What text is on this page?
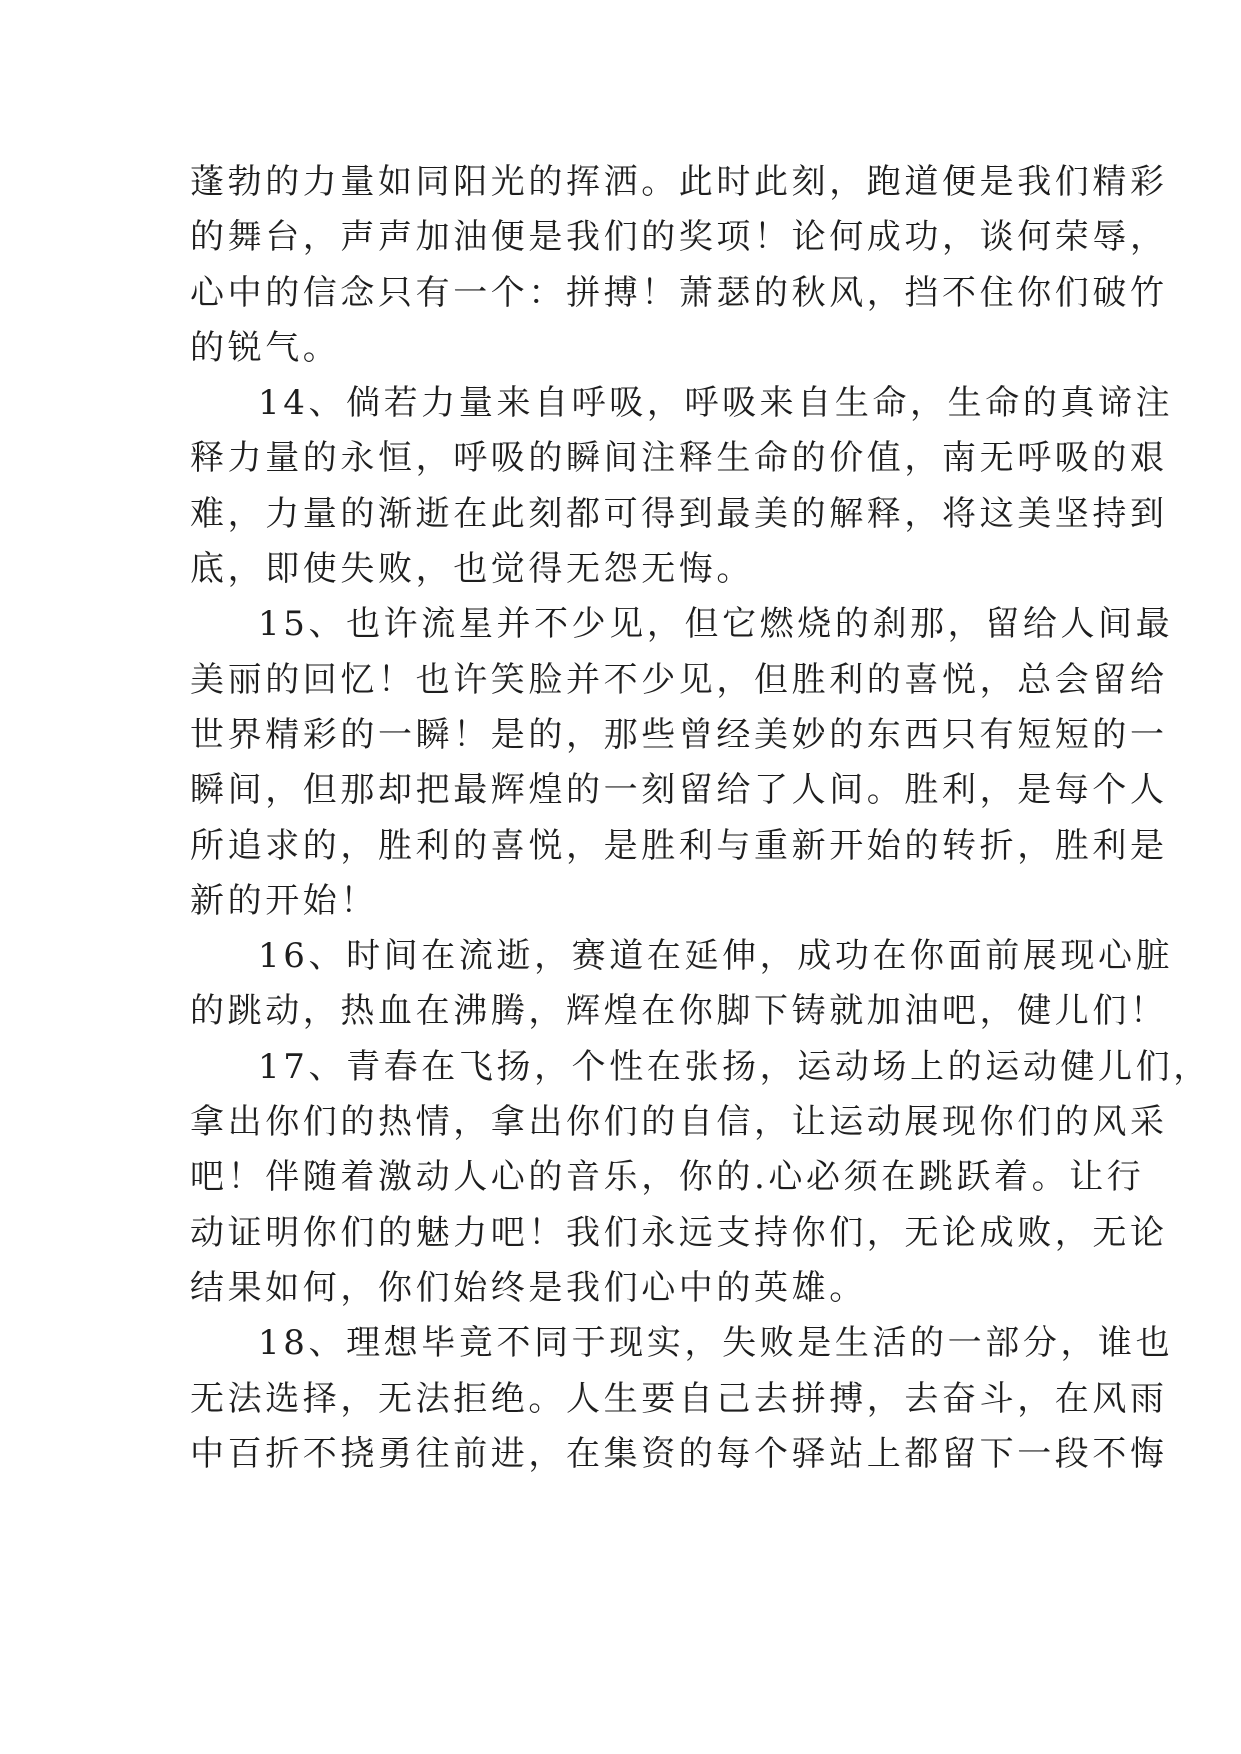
蓬勃的力量如同阳光的挥洒。此时此刻，跑道便是我们精彩
的舞台，声声加油便是我们的奖项！论何成功，谈何荣辱，
心中的信念只有一个：拼搏！萧瑟的秋风，挡不住你们破竹
的锐气。
14、倘若力量来自呼吸，呼吸来自生命，生命的真谛注
释力量的永恒，呼吸的瞬间注释生命的价值，南无呼吸的艰
难，力量的渐逝在此刻都可得到最美的解释，将这美坚持到
底，即使失败，也觉得无怨无悔。
15、也许流星并不少见，但它燃烧的刹那，留给人间最
美丽的回忆！也许笑脸并不少见，但胜利的喜悦，总会留给
世界精彩的一瞬！是的，那些曾经美妙的东西只有短短的一
瞬间，但那却把最辉煌的一刻留给了人间。胜利，是每个人
所追求的，胜利的喜悦，是胜利与重新开始的转折，胜利是
新的开始！
16、时间在流逝，赛道在延伸，成功在你面前展现心脏
的跳动，热血在沸腾，辉煌在你脚下铸就加油吧，健儿们！
17、青春在飞扬，个性在张扬，运动场上的运动健儿们，
拿出你们的热情，拿出你们的自信，让运动展现你们的风采
吧！伴随着激动人心的音乐，你的.心必须在跳跃着。让行
动证明你们的魅力吧！我们永远支持你们，无论成败，无论
结果如何，你们始终是我们心中的英雄。
18、理想毕竟不同于现实，失败是生活的一部分，谁也
无法选择，无法拒绝。人生要自己去拼搏，去奋斗，在风雨
中百折不挠勇往前进，在集资的每个驿站上都留下一段不悔
